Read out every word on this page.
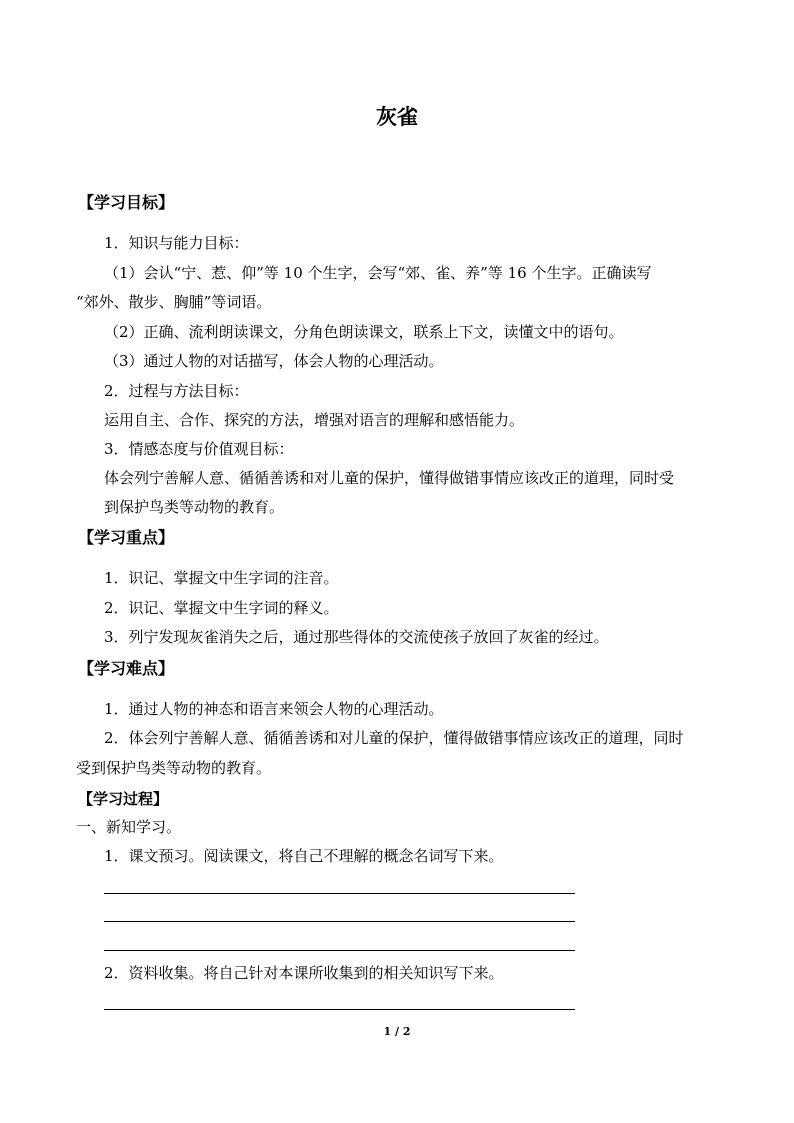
灰雀
【学习目标】
1．知识与能力目标：
（1）会认“宁、惹、仰”等 10 个生字，会写“郊、雀、养”等 16 个生字。正确读写
“郊外、散步、胸脯”等词语。
（2）正确、流利朗读课文，分角色朗读课文，联系上下文，读懂文中的语句。
（3）通过人物的对话描写，体会人物的心理活动。
2．过程与方法目标：
运用自主、合作、探究的方法，增强对语言的理解和感悟能力。
3．情感态度与价值观目标：
体会列宁善解人意、循循善诱和对儿童的保护，懂得做错事情应该改正的道理，同时受
到保护鸟类等动物的教育。
【学习重点】
1．识记、掌握文中生字词的注音。
2．识记、掌握文中生字词的释义。
3．列宁发现灰雀消失之后，通过那些得体的交流使孩子放回了灰雀的经过。
【学习难点】
1．通过人物的神态和语言来领会人物的心理活动。
2．体会列宁善解人意、循循善诱和对儿童的保护，懂得做错事情应该改正的道理，同时
受到保护鸟类等动物的教育。
【学习过程】
一、新知学习。
1．课文预习。阅读课文，将自己不理解的概念名词写下来。
2．资料收集。将自己针对本课所收集到的相关知识写下来。
1 / 2
